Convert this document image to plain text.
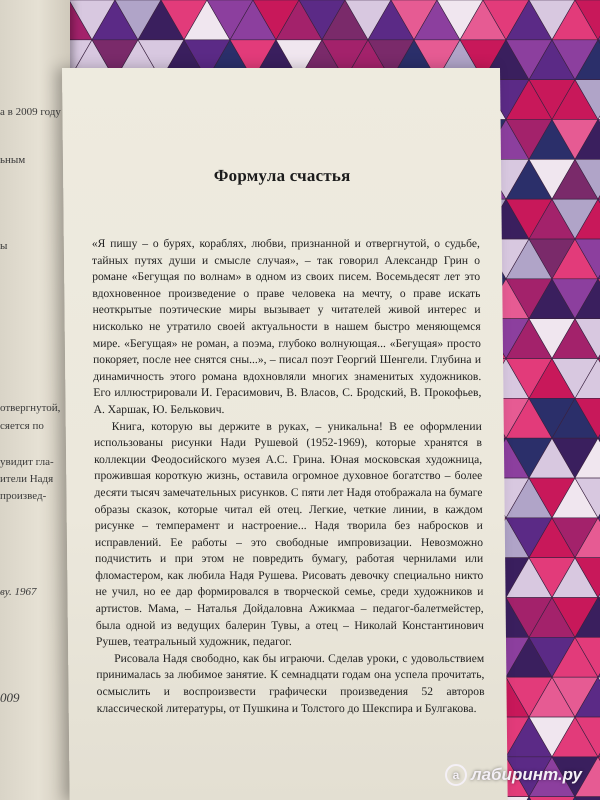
а в 2009 году
ьным
ы
отвергнутой,
сяется по
увидит гла-
ители Надя
произвед-
ву. 1967
009
Формула счастья

«Я пишу – о бурях, кораблях, любви, признанной и отвергнутой, о судьбе, тайных путях души и смысле случая», – так говорил Александр Грин о романе «Бегущая по волнам» в одном из своих писем. Восемьдесят лет это вдохновенное произведение о праве человека на мечту, о праве искать неоткрытые поэтические миры вызывает у читателей живой интерес и нисколько не утратило своей актуальности в нашем быстро меняющемся мире. «Бегущая» не роман, а поэма, глубоко волнующая... «Бегущая» просто покоряет, после нее снятся сны...», – писал поэт Георгий Шенгели. Глубина и динамичность этого романа вдохновляли многих знаменитых художников. Его иллюстрировали И. Герасимович, В. Власов, С. Бродский, В. Прокофьев, А. Харшак, Ю. Белькович.

Книга, которую вы держите в руках, – уникальна! В ее оформлении использованы рисунки Нади Рушевой (1952-1969), которые хранятся в коллекции Феодосийского музея А.С. Грина. Юная московская художница, прожившая короткую жизнь, оставила огромное духовное богатство – более десяти тысяч замечательных рисунков. С пяти лет Надя отображала на бумаге образы сказок, которые читал ей отец. Легкие, четкие линии, в каждом рисунке – темперамент и настроение... Надя творила без набросков и исправлений. Ее работы – это свободные импровизации. Невозможно подчистить и при этом не повредить бумагу, работая чернилами или фломастером, как любила Надя Рушева. Рисовать девочку специально никто не учил, но ее дар формировался в творческой семье, среди художников и артистов. Мама, – Наталья Дойдаловна Ажикмаа – педагог-балетмейстер, была одной из ведущих балерин Тувы, а отец – Николай Константинович Рушев, театральный художник, педагог.

Рисовала Надя свободно, как бы играючи. Сделав уроки, с удовольствием принималась за любимое занятие. К семнадцати годам она успела прочитать, осмыслить и воспроизвести графически произведения 52 авторов классической литературы, от Пушкина и Толстого до Шекспира и Булгакова.

а лабиринт.ру
